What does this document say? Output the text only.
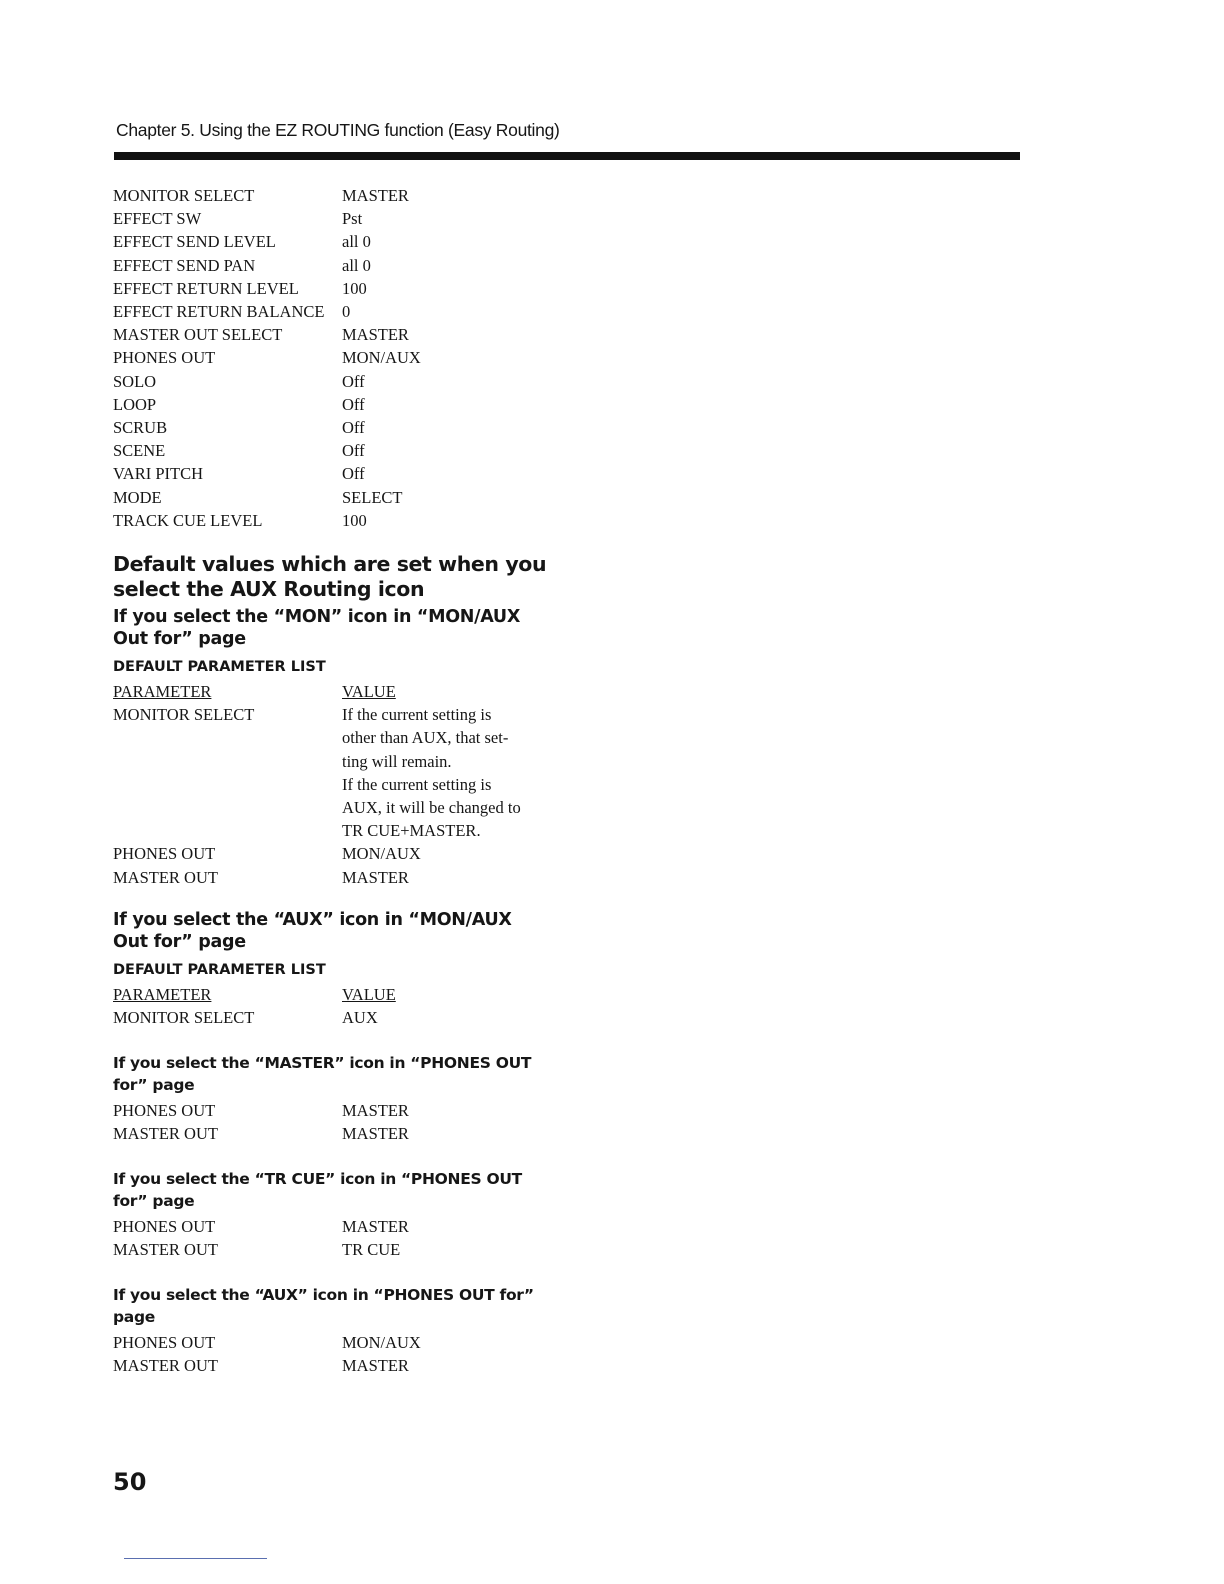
Chapter 5. Using the EZ ROUTING function (Easy Routing)
MONITOR SELECT	MASTER
EFFECT SW	Pst
EFFECT SEND LEVEL	all 0
EFFECT SEND PAN	all 0
EFFECT RETURN LEVEL	100
EFFECT RETURN BALANCE	0
MASTER OUT SELECT	MASTER
PHONES OUT	MON/AUX
SOLO	Off
LOOP	Off
SCRUB	Off
SCENE	Off
VARI PITCH	Off
MODE	SELECT
TRACK CUE LEVEL	100
Default values which are set when you
select the AUX Routing icon
If you select the “MON” icon in “MON/AUX
Out for” page
DEFAULT PARAMETER LIST
PARAMETER	VALUE
MONITOR SELECT	If the current setting is
other than AUX, that set-
ting will remain.
If the current setting is
AUX, it will be changed to
TR CUE+MASTER.
PHONES OUT	MON/AUX
MASTER OUT	MASTER
If you select the “AUX” icon in “MON/AUX
Out for” page
DEFAULT PARAMETER LIST
PARAMETER	VALUE
MONITOR SELECT	AUX
If you select the “MASTER” icon in “PHONES OUT
for” page
PHONES OUT	MASTER
MASTER OUT	MASTER
If you select the “TR CUE” icon in “PHONES OUT
for” page
PHONES OUT	MASTER
MASTER OUT	TR CUE
If you select the “AUX” icon in “PHONES OUT for”
page
PHONES OUT	MON/AUX
MASTER OUT	MASTER
50
